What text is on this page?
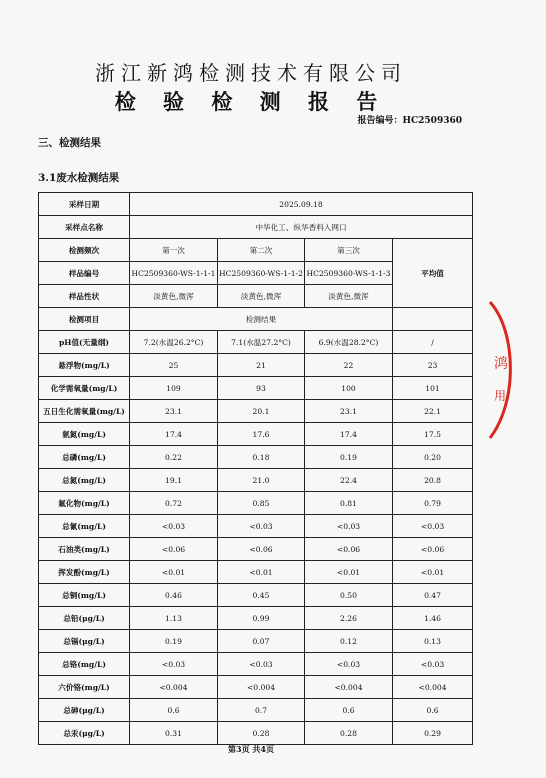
浙江新鸿检测技术有限公司
检 验 检 测 报 告
报告编号：HC2509360
三、检测结果
3.1废水检测结果
采样日期	2025.09.18			
采样点名称	中华化工、纵华香料入网口			
检测频次	第一次	第二次	第三次	平均值
样品编号	HC2509360-WS-1-1-1	HC2509360-WS-1-1-2	HC2509360-WS-1-1-3	
样品性状	淡黄色,微浑	淡黄色,微浑	淡黄色,微浑	
检测项目	检测结果			
pH值(无量纲)	7.2(水温26.2°C)	7.1(水温27.2°C)	6.9(水温28.2°C)	/
悬浮物(mg/L)	25	21	22	23
化学需氧量(mg/L)	109	93	100	101
五日生化需氧量(mg/L)	23.1	20.1	23.1	22.1
氨氮(mg/L)	17.4	17.6	17.4	17.5
总磷(mg/L)	0.22	0.18	0.19	0.20
总氮(mg/L)	19.1	21.0	22.4	20.8
氟化物(mg/L)	0.72	0.85	0.81	0.79
总氰(mg/L)	<0.03	<0.03	<0.03	<0.03
石油类(mg/L)	<0.06	<0.06	<0.06	<0.06
挥发酚(mg/L)	<0.01	<0.01	<0.01	<0.01
总铜(mg/L)	0.46	0.45	0.50	0.47
总铅(μg/L)	1.13	0.99	2.26	1.46
总镉(μg/L)	0.19	0.07	0.12	0.13
总铬(mg/L)	<0.03	<0.03	<0.03	<0.03
六价铬(mg/L)	<0.004	<0.004	<0.004	<0.004
总砷(μg/L)	0.6	0.7	0.6	0.6
总汞(μg/L)	0.31	0.28	0.28	0.29
鸿
用
第3页 共4页
